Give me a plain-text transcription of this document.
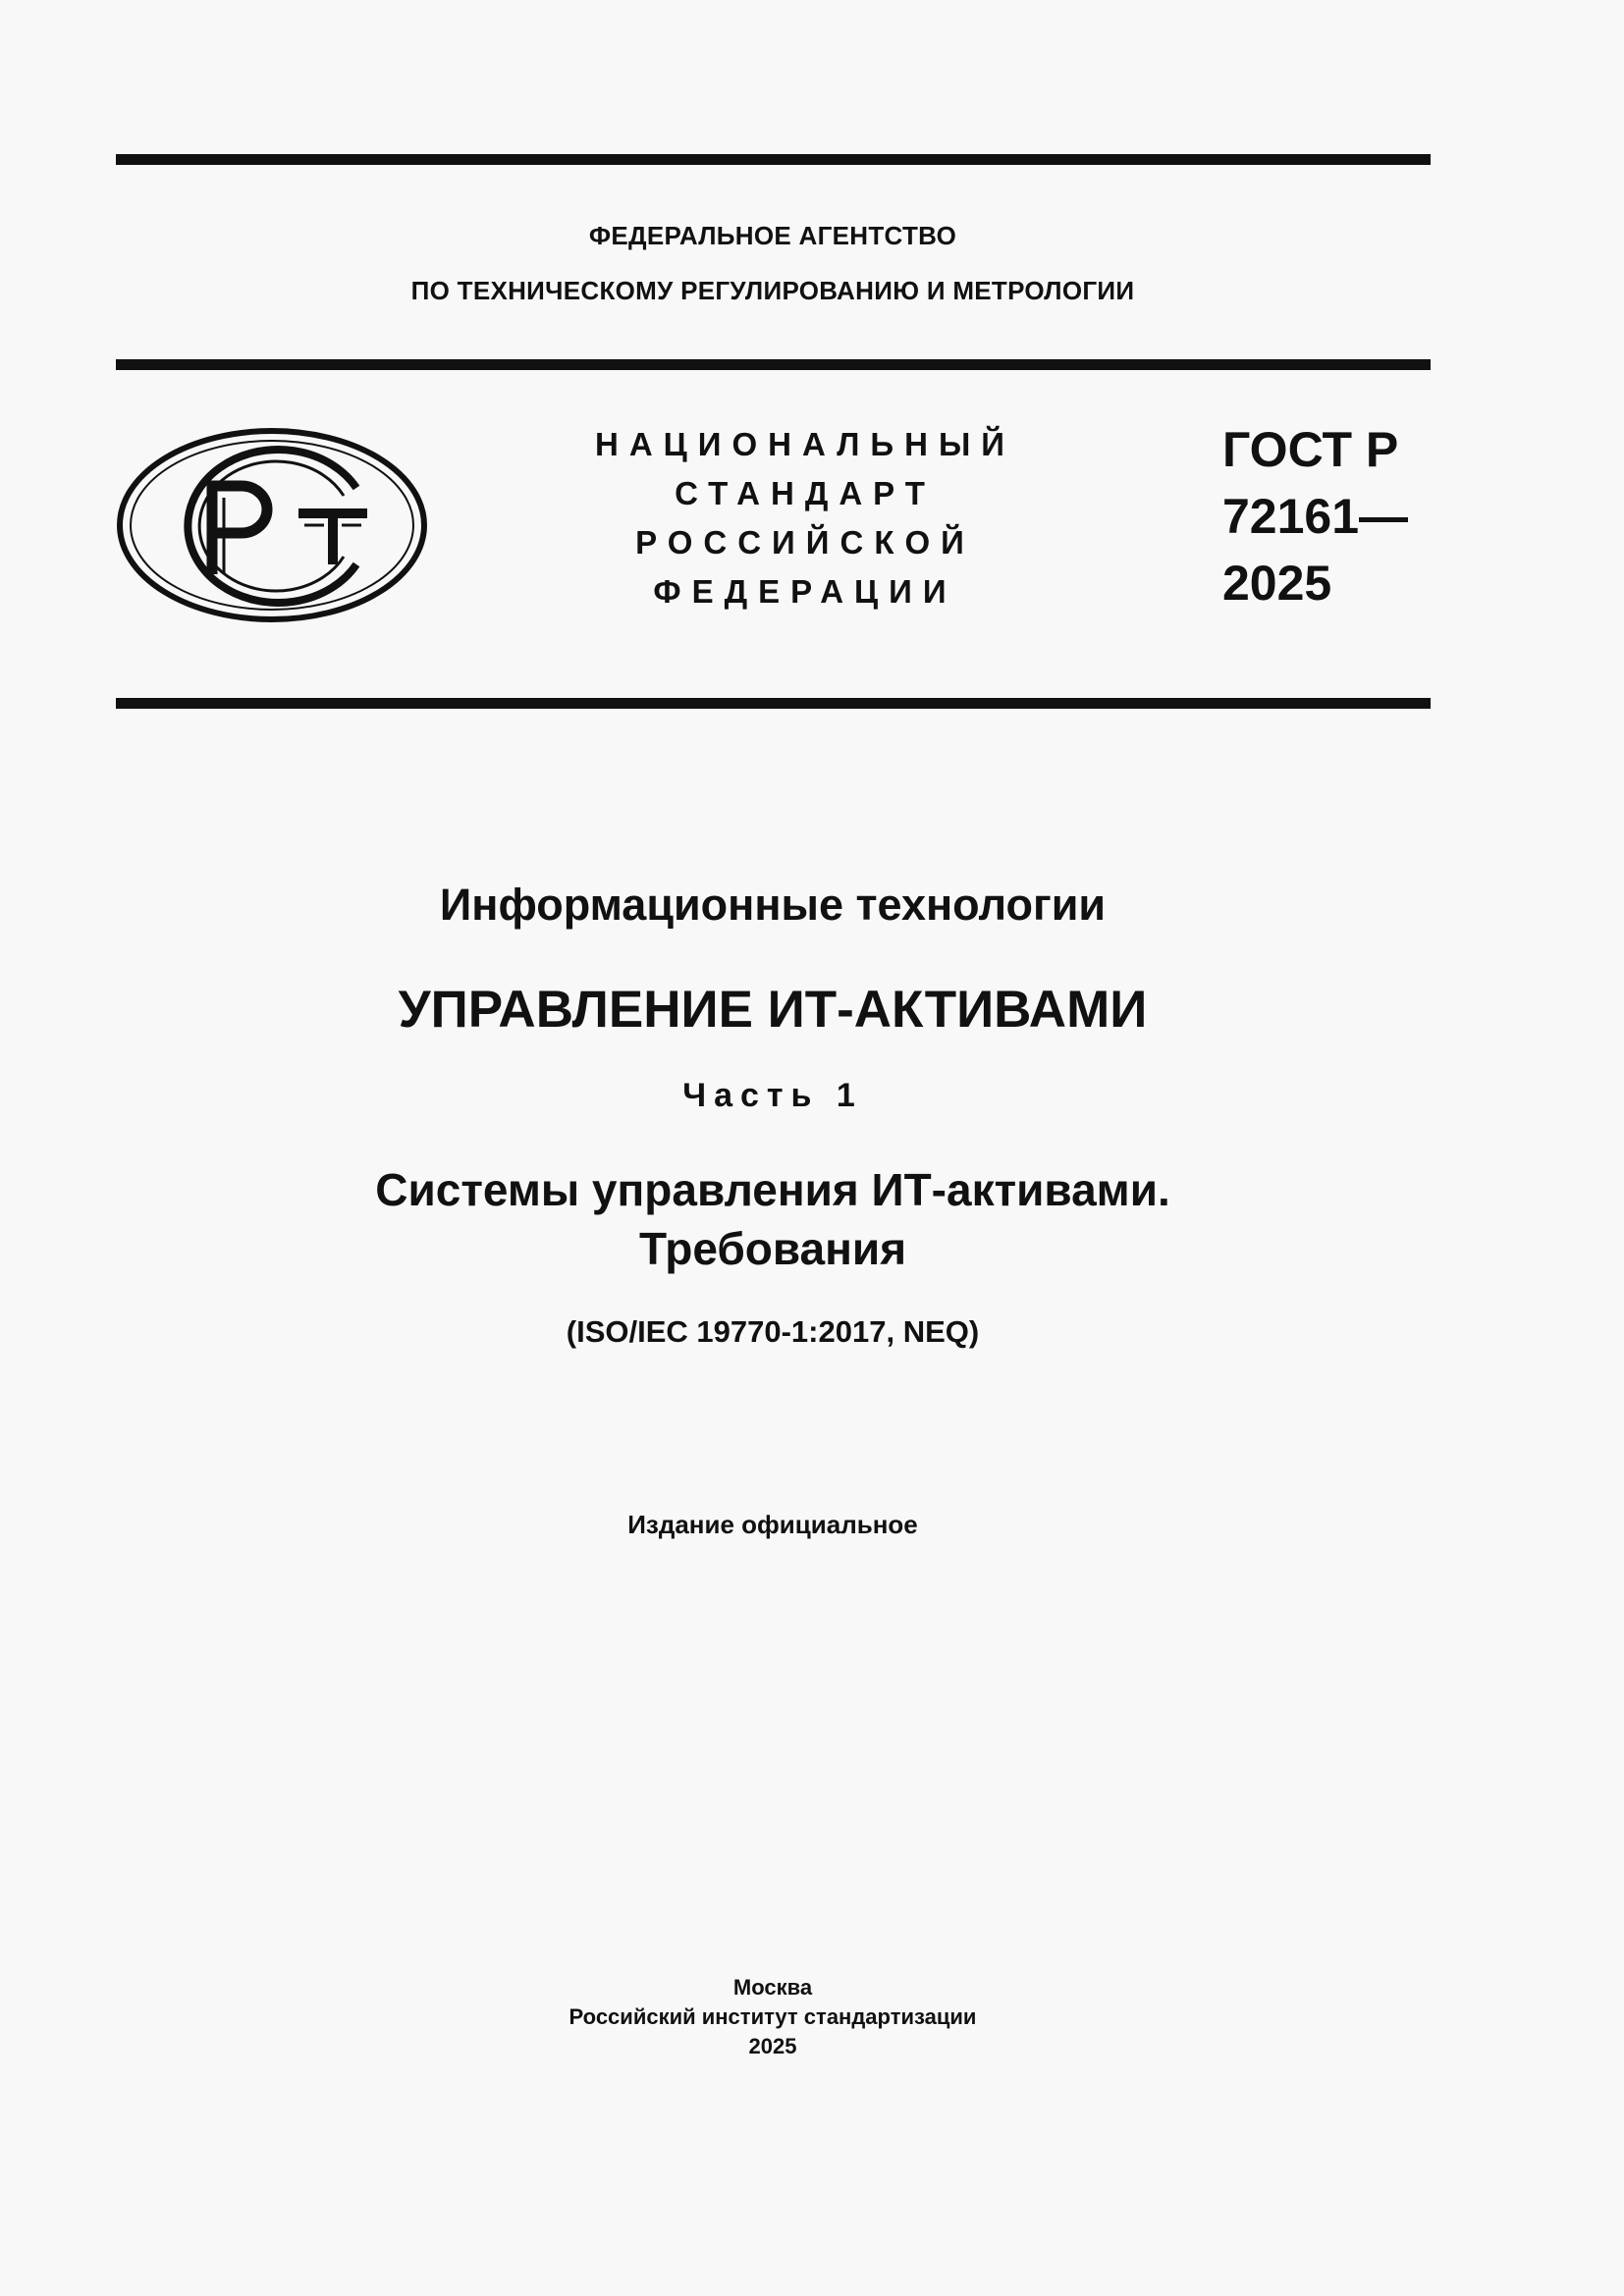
ФЕДЕРАЛЬНОЕ АГЕНТСТВО
ПО ТЕХНИЧЕСКОМУ РЕГУЛИРОВАНИЮ И МЕТРОЛОГИИ
НАЦИОНАЛЬНЫЙ
СТАНДАРТ
РОССИЙСКОЙ
ФЕДЕРАЦИИ
ГОСТ Р
72161—
2025
Информационные технологии
УПРАВЛЕНИЕ ИТ-АКТИВАМИ
Часть 1
Системы управления ИТ-активами.
Требования
(ISO/IEC 19770-1:2017, NEQ)
Издание официальное
Москва
Российский институт стандартизации
2025
